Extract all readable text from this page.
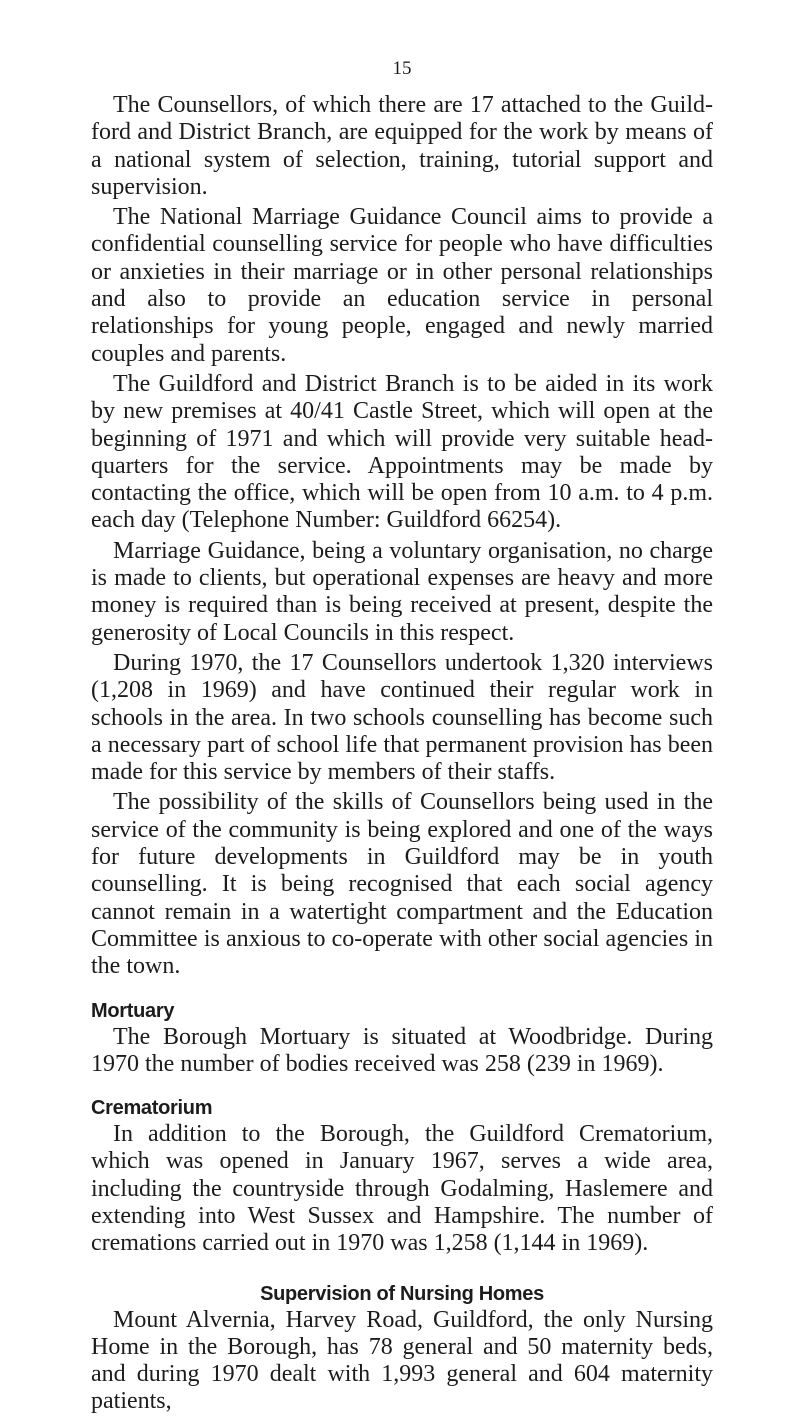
15

The Counsellors, of which there are 17 attached to the Guildford and District Branch, are equipped for the work by means of a national system of selection, training, tutorial support and supervision.

The National Marriage Guidance Council aims to provide a confidential counselling service for people who have difficulties or anxieties in their marriage or in other personal relationships and also to provide an education service in personal relationships for young people, engaged and newly married couples and parents.

The Guildford and District Branch is to be aided in its work by new premises at 40/41 Castle Street, which will open at the beginning of 1971 and which will provide very suitable headquarters for the service. Appointments may be made by contacting the office, which will be open from 10 a.m. to 4 p.m. each day (Telephone Number: Guildford 66254).

Marriage Guidance, being a voluntary organisation, no charge is made to clients, but operational expenses are heavy and more money is required than is being received at present, despite the generosity of Local Councils in this respect.

During 1970, the 17 Counsellors undertook 1,320 interviews (1,208 in 1969) and have continued their regular work in schools in the area. In two schools counselling has become such a necessary part of school life that permanent provision has been made for this service by members of their staffs.

The possibility of the skills of Counsellors being used in the service of the community is being explored and one of the ways for future developments in Guildford may be in youth counselling. It is being recognised that each social agency cannot remain in a watertight compartment and the Education Committee is anxious to co-operate with other social agencies in the town.

Mortuary

The Borough Mortuary is situated at Woodbridge. During 1970 the number of bodies received was 258 (239 in 1969).

Crematorium

In addition to the Borough, the Guildford Crematorium, which was opened in January 1967, serves a wide area, including the countryside through Godalming, Haslemere and extending into West Sussex and Hampshire. The number of cremations carried out in 1970 was 1,258 (1,144 in 1969).

Supervision of Nursing Homes

Mount Alvernia, Harvey Road, Guildford, the only Nursing Home in the Borough, has 78 general and 50 maternity beds, and during 1970 dealt with 1,993 general and 604 maternity patients,
